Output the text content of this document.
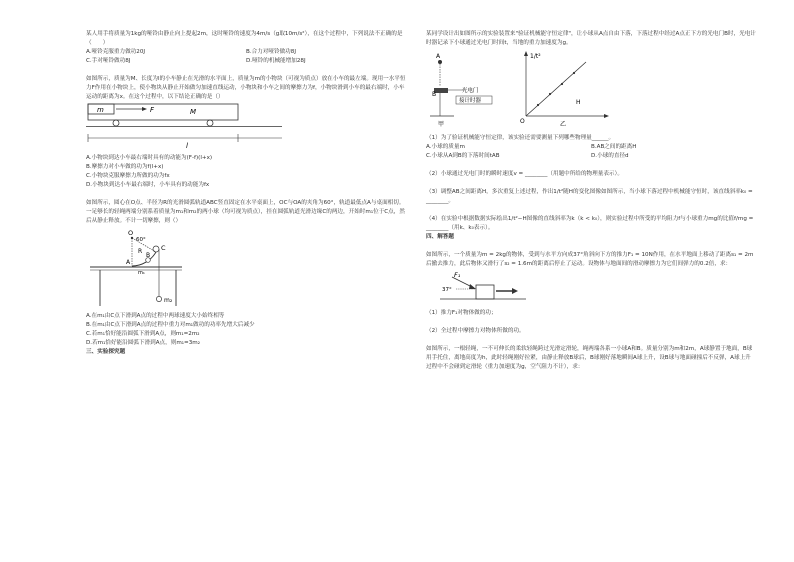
某人用手将质量为1kg的哑铃由静止向上提起2m，这时哑铃的速度为4m/s（g取10m/s²），在这个过程中，下列说法不正确的是（　　）

A.哑铃克服重力做功20J	B.合力对哑铃做功8J
C.手对哑铃做功8J	D.哑铃的机械能增加28J

如图所示，质量为M、长度为l的小车静止在光滑的水平面上，质量为m的小物块（可视为质点）放在小车的最左端。现用一水平恒力F作用在小物块上，使小物块从静止开始做匀加速直线运动，小物块和小车之间的摩擦力为f，小物块滑到小车的最右端时，小车运动的距离为x。在这个过程中，以下结论正确的是（）

m	F	M
l
A.小物块到达小车最右端时具有的动能为(F-f)(l+x)
B.摩擦力对小车做的功为f(l+x)
C.小物块克服摩擦力所做的功为fx
D.小物块到达小车最右端时，小车具有的动能为fx

如图所示，圆心在O点、半径为R的光滑圆弧轨道ABC竖直固定在水平桌面上，OC与OA的夹角为60°，轨道最低点A与桌面相切。一足够长的轻绳两端分别系着质量为m₁和m₂的两小球（均可视为质点），挂在圆弧轨道光滑边缘C的两边，开始时m₁位于C点，然后从静止释放。不计一切摩擦，则（）

O
60°
C
B
A
R
m₂
m₁
A.在m₁由C点下滑到A点的过程中两球速度大小始终相等
B.在m₁由C点下滑到A点的过程中重力对m₁做功的功率先增大后减少
C.若m₁恰好能沿圆弧下滑到A点，则m₁=2m₂
D.若m₁恰好能沿圆弧下滑到A点，则m₁=3m₂

三、实验探究题

某同学设计出如图所示的实验装置来"验证机械能守恒定律"，让小球从A点自由下落，下落过程中经过A点正下方的光电门B时，光电计时器记录下小球通过光电门时间t，当地的重力加速度为g。

A
B	光电门
接计时器
甲
1/t²
O
H
乙

（1）为了验证机械能守恒定律，该实验还需要测量下列哪些物理量______。

A.小球的质量m	B.AB之间的距离H
C.小球从A到B的下落时间tAB	D.小球的直径d

（2）小球通过光电门时的瞬时速度v = ________（用题中所给的物理量表示）。

（3）调整AB之间距离H，多次重复上述过程，作出1/t²随H的变化图像如图所示，当小球下落过程中机械能守恒时，该直线斜率k₀ = ________。

（4）在实验中根据数据实际绘出1/t²−H图像的直线斜率为k（k < k₀），则实验过程中所受的平均阻力f与小球重力mg的比值f/mg = ________（用k、k₀表示）。

四、解答题

如图所示，一个质量为m = 2kg的物体，受到与水平方向成37°角斜向下方的推力F₁ = 10N作用，在水平地面上移动了距离s₁ = 2m后撤去推力，此后物体又滑行了s₂ = 1.6m的距离后停止了运动。设物体与地面间的滑动摩擦力为它们间弹力的0.2倍，求：

F₁
37°

（1）推力F₁对物体做的功；

（2）全过程中摩擦力对物体所做的功。

如图所示，一根轻绳，一不可伸长的柔软轻绳跨过光滑定滑轮，绳两端各系一小球A和B。质量分别为m和2m，A球静置于地面，B球用手托住，离地高度为h，此时轻绳刚好拉紧，由静止释放B球后，B球刚好落地瞬间A球上升，设B球与地面碰撞后不反弹，A球上升过程中不会碰到定滑轮（重力加速度为g，空气阻力不计），求：
